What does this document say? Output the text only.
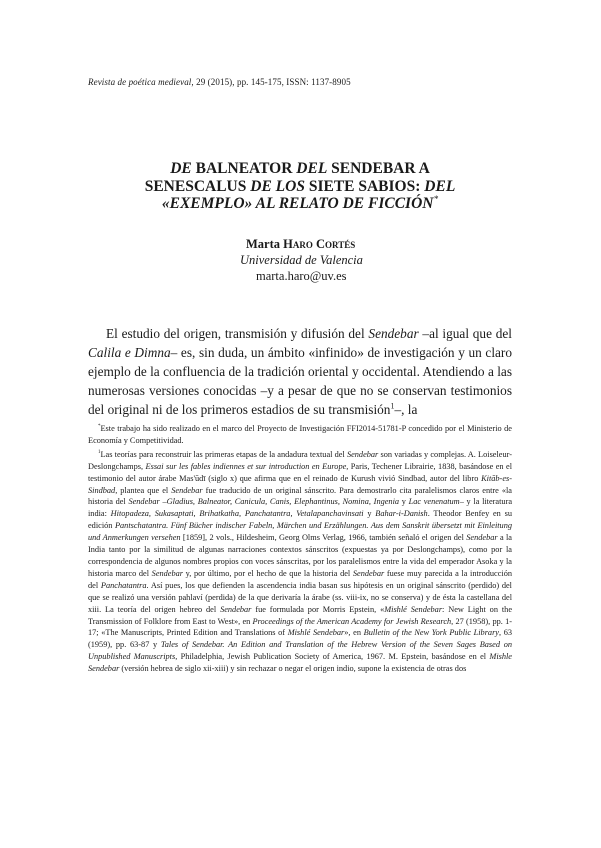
Revista de poética medieval, 29 (2015), pp. 145-175, ISSN: 1137-8905
DE BALNEATOR DEL SENDEBAR A
SENESCALUS DE LOS SIETE SABIOS: DEL
«EXEMPLO» AL RELATO DE FICCIÓN*
Marta Haro Cortés
Universidad de Valencia
marta.haro@uv.es

El estudio del origen, transmisión y difusión del Sendebar –al igual que del Calila e Dimna– es, sin duda, un ámbito «infinido» de investigación y un claro ejemplo de la confluencia de la tradición oriental y occidental. Atendiendo a las numerosas versiones conocidas –y a pesar de que no se conservan testimonios del original ni de los primeros estadios de su transmisión$^1$–, la

*Este trabajo ha sido realizado en el marco del Proyecto de Investigación FFI2014-51781-P concedido por el Ministerio de Economía y Competitividad.

$^1$Las teorías para reconstruir las primeras etapas de la andadura textual del Sendebar son variadas y complejas. A. Loiseleur-Deslongchamps, Essai sur les fables indiennes et sur introduction en Europe, Paris, Techener Librairie, 1838, basándose en el testimonio del autor árabe Mas'ūdī (siglo x) que afirma que en el reinado de Kurush vivió Sindbad, autor del libro Kitāb-es-Sindbad, plantea que el Sendebar fue traducido de un original sánscrito. Para demostrarlo cita paralelismos claros entre «la historia del Sendebar –Gladius, Balneator, Canicula, Canis, Elephantinus, Nomina, Ingenia y Lac venenatum– y la literatura india: Hitopadeza, Sukasaptati, Brihatkatha, Panchatantra, Vetalapanchavinsati y Bahar-i-Danish. Theodor Benfey en su edición Pantschatantra. Fünf Bücher indischer Fabeln, Märchen und Erzählungen. Aus dem Sanskrit übersetzt mit Einleitung und Anmerkungen versehen [1859], 2 vols., Hildesheim, Georg Olms Verlag, 1966, también señaló el origen del Sendebar a la India tanto por la similitud de algunas narraciones contextos sánscritos (expuestas ya por Deslongchamps), como por la correspondencia de algunos nombres propios con voces sánscritas, por los paralelismos entre la vida del emperador Asoka y la historia marco del Sendebar y, por último, por el hecho de que la historia del Sendebar fuese muy parecida a la introducción del Panchatantra. Así pues, los que defienden la ascendencia india basan sus hipótesis en un original sánscrito (perdido) del que se realizó una versión pahlaví (perdida) de la que derivaría la árabe (ss. viii-ix, no se conserva) y de ésta la castellana del xiii. La teoría del origen hebreo del Sendebar fue formulada por Morris Epstein, «Mishlé Sendebar: New Light on the Transmission of Folklore from East to West», en Proceedings of the American Academy for Jewish Research, 27 (1958), pp. 1-17; «The Manuscripts, Printed Edition and Translations of Mishlé Sendebar», en Bulletin of the New York Public Library, 63 (1959), pp. 63-87 y Tales of Sendebar. An Edition and Translation of the Hebrew Version of the Seven Sages Based on Unpublished Manuscripts, Philadelphia, Jewish Publication Society of America, 1967. M. Epstein, basándose en el Mishle Sendebar (versión hebrea de siglo xii-xiii) y sin rechazar o negar el origen indio, supone la existencia de otras dos
